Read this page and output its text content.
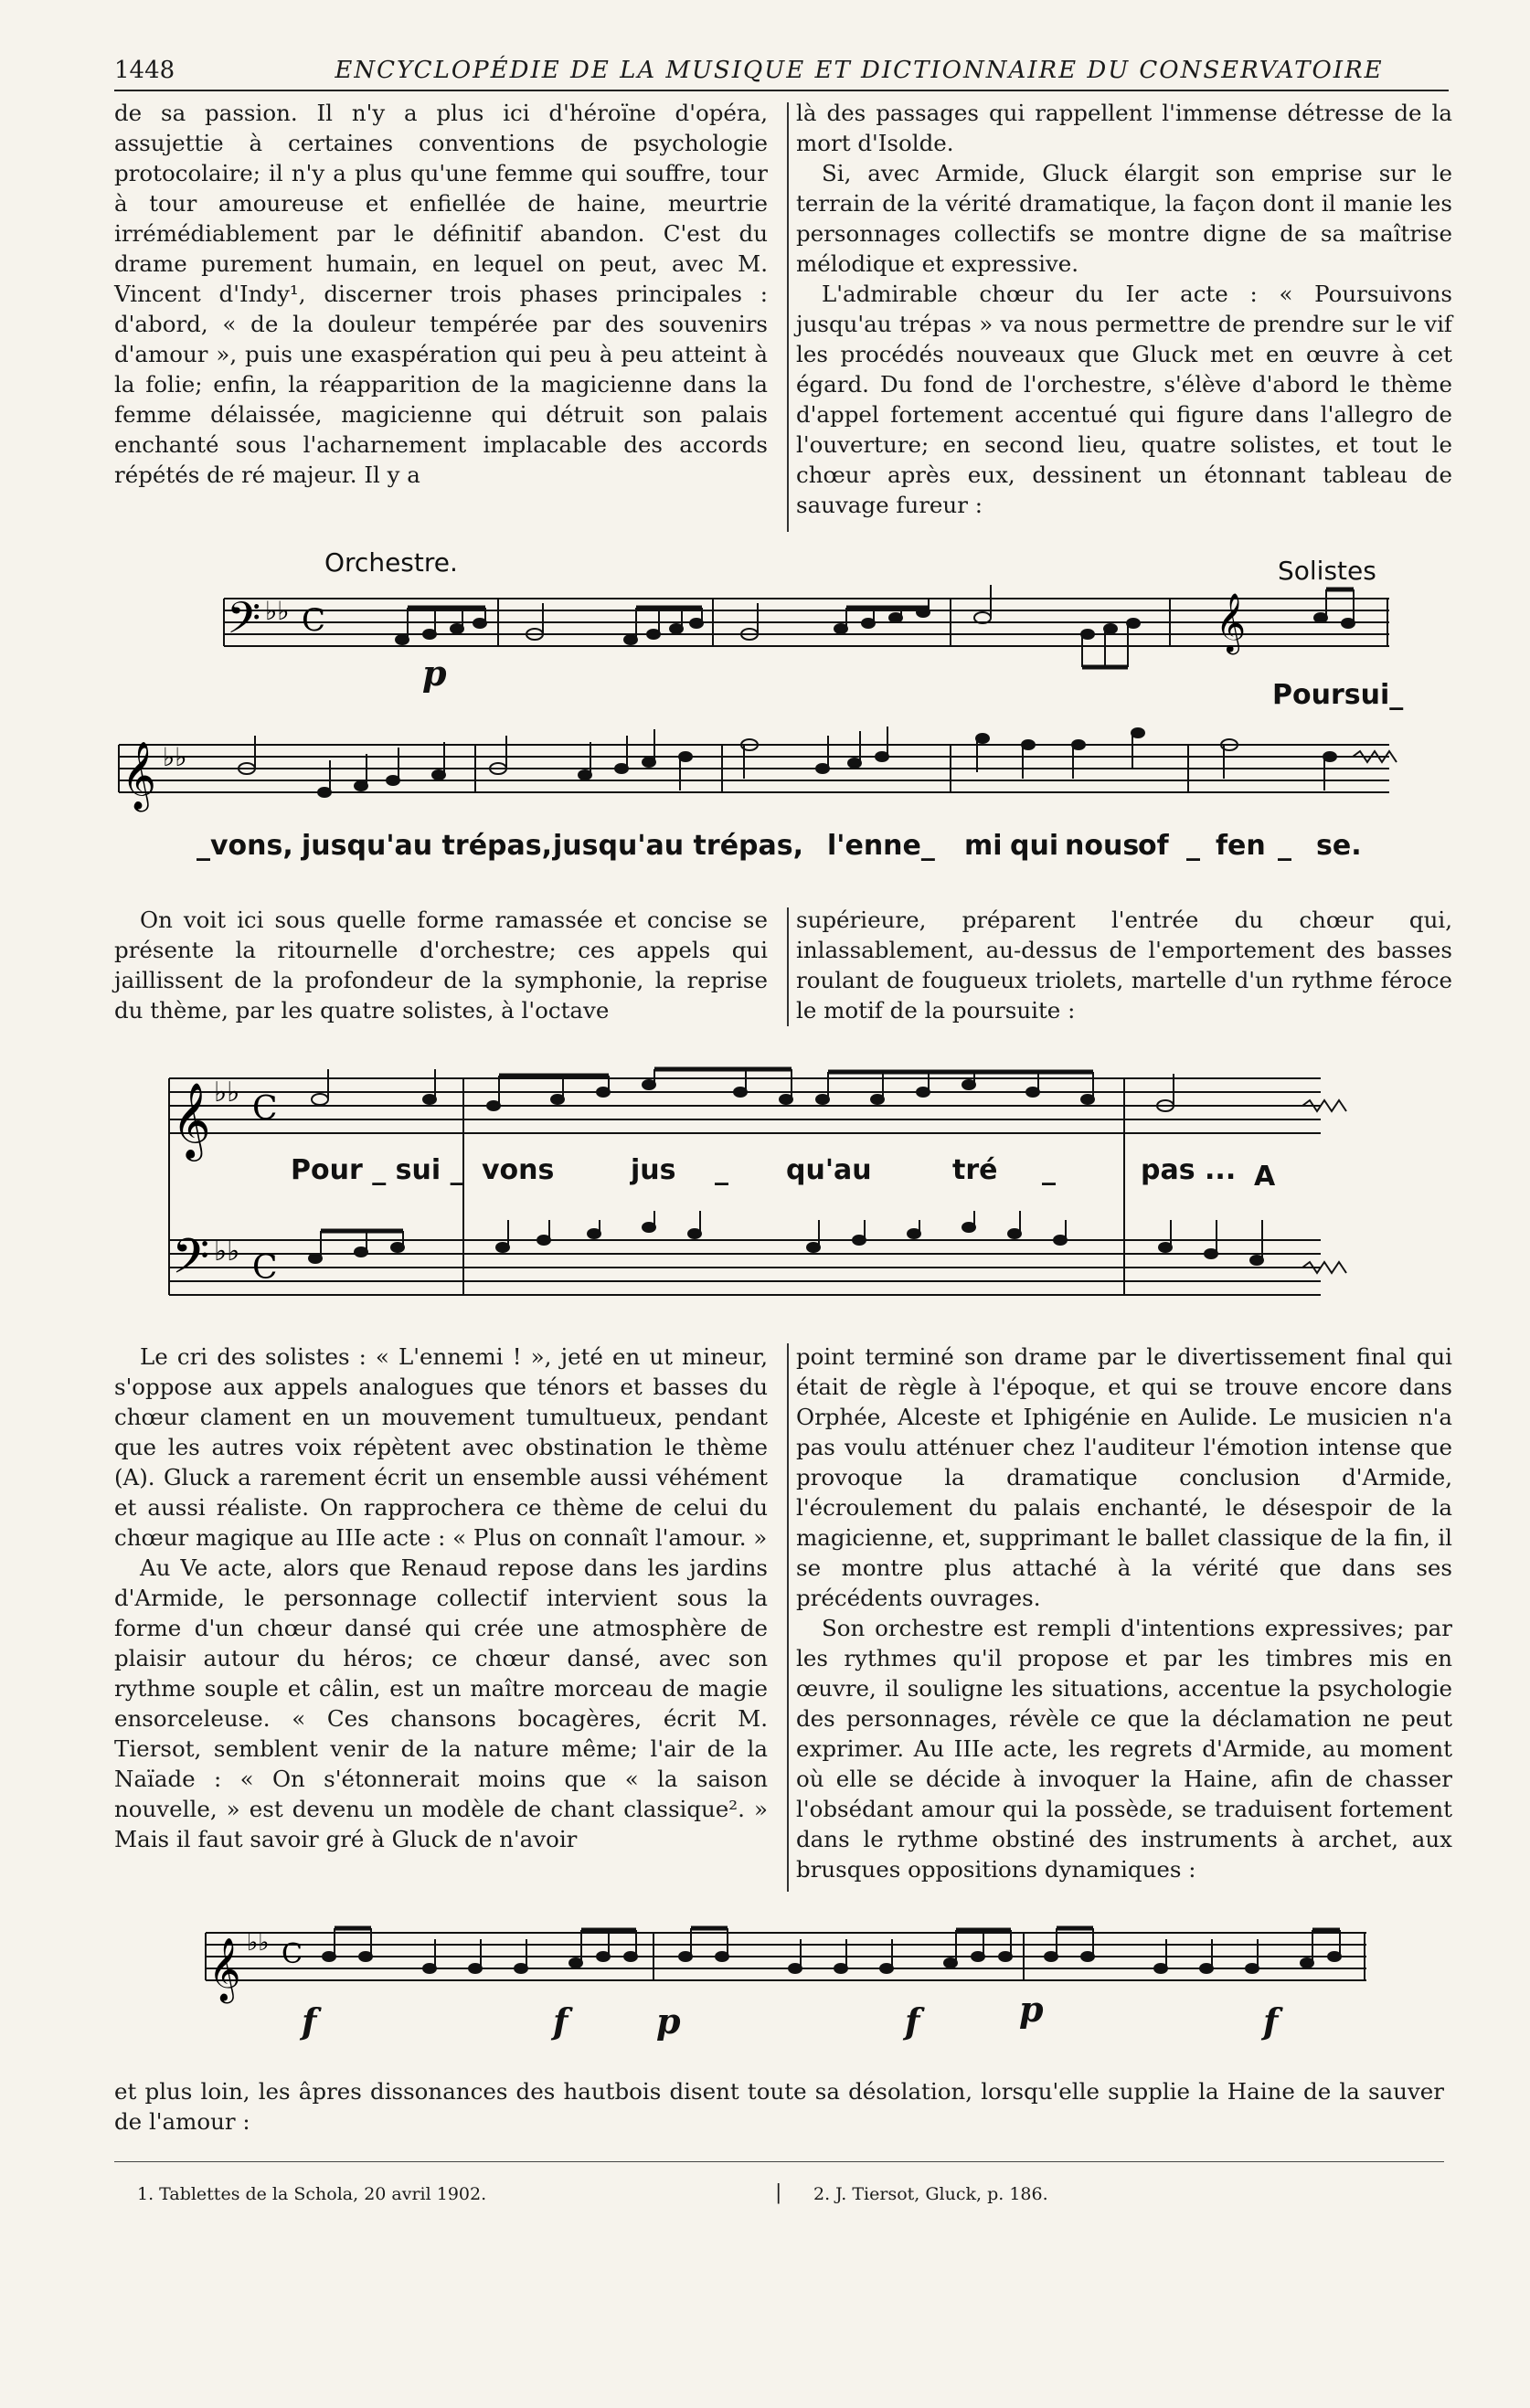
1448	ENCYCLOPÉDIE DE LA MUSIQUE ET DICTIONNAIRE DU CONSERVATOIRE

de sa passion. Il n'y a plus ici d'héroïne d'opéra, assujettie à certaines conventions de psychologie protocolaire; il n'y a plus qu'une femme qui souffre, tour à tour amoureuse et enfiellée de haine, meurtrie irrémédiablement par le définitif abandon. C'est du drame purement humain, en lequel on peut, avec M. Vincent d'Indy¹, discerner trois phases principales : d'abord, « de la douleur tempérée par des souvenirs d'amour », puis une exaspération qui peu à peu atteint à la folie; enfin, la réapparition de la magicienne dans la femme délaissée, magicienne qui détruit son palais enchanté sous l'acharnement implacable des accords répétés de ré majeur. Il y a

là des passages qui rappellent l'immense détresse de la mort d'Isolde.

Si, avec Armide, Gluck élargit son emprise sur le terrain de la vérité dramatique, la façon dont il manie les personnages collectifs se montre digne de sa maîtrise mélodique et expressive.

L'admirable chœur du Ier acte : « Poursuivons jusqu'au trépas » va nous permettre de prendre sur le vif les procédés nouveaux que Gluck met en œuvre à cet égard. Du fond de l'orchestre, s'élève d'abord le thème d'appel fortement accentué qui figure dans l'allegro de l'ouverture; en second lieu, quatre solistes, et tout le chœur après eux, dessinent un étonnant tableau de sauvage fureur :

Orchestre.	Solistes
𝄢 ♭♭ C	𝄞
p
Poursui_
𝄞 ♭♭
_vons, jusqu'au trépas, jusqu'au trépas, l'enne_ mi qui nous
of _ fen _ se.

On voit ici sous quelle forme ramassée et concise se présente la ritournelle d'orchestre; ces appels qui jaillissent de la profondeur de la symphonie, la reprise du thème, par les quatre solistes, à l'octave

supérieure, préparent l'entrée du chœur qui, inlassablement, au-dessus de l'emportement des basses roulant de fougueux triolets, martelle d'un rythme féroce le motif de la poursuite :

𝄞 ♭♭ C
𝄢 ♭♭ C
Pour _ sui _ vons	jus _ qu'au	tré _	pas ... A

Le cri des solistes : « L'ennemi ! », jeté en ut mineur, s'oppose aux appels analogues que ténors et basses du chœur clament en un mouvement tumultueux, pendant que les autres voix répètent avec obstination le thème (A). Gluck a rarement écrit un ensemble aussi véhément et aussi réaliste. On rapprochera ce thème de celui du chœur magique au IIIe acte : « Plus on connaît l'amour. »

Au Ve acte, alors que Renaud repose dans les jardins d'Armide, le personnage collectif intervient sous la forme d'un chœur dansé qui crée une atmosphère de plaisir autour du héros; ce chœur dansé, avec son rythme souple et câlin, est un maître morceau de magie ensorceleuse. « Ces chansons bocagères, écrit M. Tiersot, semblent venir de la nature même; l'air de la Naïade : « On s'étonnerait moins que « la saison nouvelle, » est devenu un modèle de chant classique². » Mais il faut savoir gré à Gluck de n'avoir

point terminé son drame par le divertissement final qui était de règle à l'époque, et qui se trouve encore dans Orphée, Alceste et Iphigénie en Aulide. Le musicien n'a pas voulu atténuer chez l'auditeur l'émotion intense que provoque la dramatique conclusion d'Armide, l'écroulement du palais enchanté, le désespoir de la magicienne, et, supprimant le ballet classique de la fin, il se montre plus attaché à la vérité que dans ses précédents ouvrages.

Son orchestre est rempli d'intentions expressives; par les rythmes qu'il propose et par les timbres mis en œuvre, il souligne les situations, accentue la psychologie des personnages, révèle ce que la déclamation ne peut exprimer. Au IIIe acte, les regrets d'Armide, au moment où elle se décide à invoquer la Haine, afin de chasser l'obsédant amour qui la possède, se traduisent fortement dans le rythme obstiné des instruments à archet, aux brusques oppositions dynamiques :

𝄞 ♭♭ C
f	f	p	f	p	f
et plus loin, les âpres dissonances des hautbois disent toute sa désolation, lorsqu'elle supplie la Haine de la sauver de l'amour :
1. Tablettes de la Schola, 20 avril 1902.	| 2. J. Tiersot, Gluck, p. 186.
